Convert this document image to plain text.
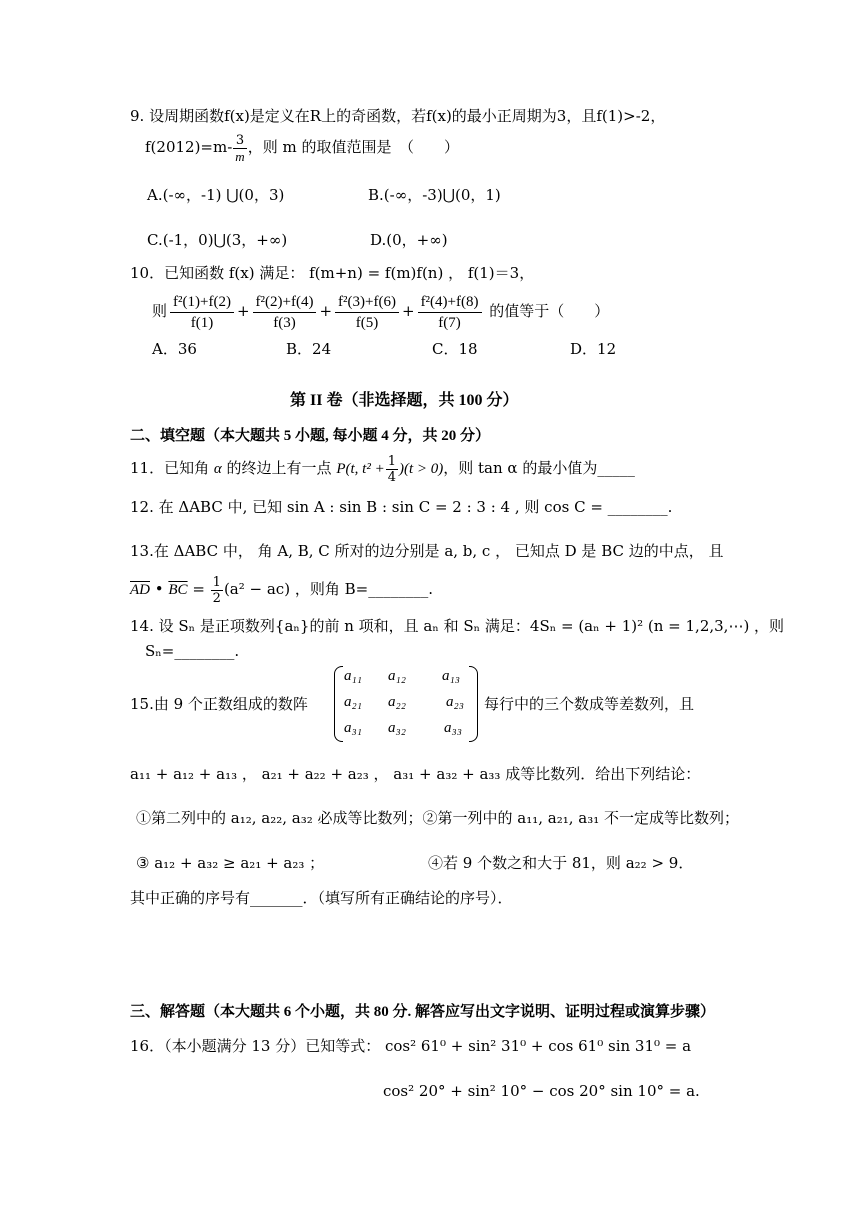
9. 设周期函数f(x)是定义在R上的奇函数，若f(x)的最小正周期为3，且f(1)>-2，
$f(2012)=m- \frac{3}{m}$ ，则 m 的取值范围是　（　　）
A.(-∞，-1) ⋃(0，3)	B.(-∞，-3)⋃(0，1)
C.(-1，0)⋃(3，+∞)	D.(0，+∞)
10．已知函数 f(x) 满足： f(m+n) = f(m)f(n) ， f(1)＝3，
则 $\frac{\text{f²(1)+f(2)}}{f(1)} + \frac{\text{f²(2)+f(4)}}{f(3)} + \frac{\text{f²(3)+f(6)}}{f(5)} + \frac{\text{f²(4)+f(8)}}{f(7)}$ 的值等于（　　）
A．36	B．24	C．18	D．12
第 II 卷（非选择题，共 100 分）
二、填空题（本大题共 5 小题, 每小题 4 分，共 20 分）
11．已知角 α 的终边上有一点 P(t, $t^2 + \frac{1}{4} )(t > 0)$，则 tan α 的最小值为_____
12. 在 ΔABC 中, 已知 sin A : sin B : sin C = 2 : 3 : 4 , 则 cos C = ________.
13.在 ΔABC 中， 角 A, B, C 所对的边分别是 a, b, c ， 已知点 D 是 BC 边的中点， 且
$\overline{AD}$ • $\overline{BC} = \frac{1}{2} (a^2 - ac)$ ，则角 B=________.
14. 设 Sₙ 是正项数列{aₙ}的前 n 项和，且 aₙ 和 Sₙ 满足：4Sₙ = (aₙ + 1)² (n = 1,2,3,⋯) ，则
Sₙ=________.
15.由 9 个正数组成的数阵
a₁₁ a₁₂ a₁₃
a₂₁ a₂₂	a₂₃
a₃₁ a₃₂	a₃₃
每行中的三个数成等差数列，且
a₁₁ + a₁₂ + a₁₃ ， a₂₁ + a₂₂ + a₂₃ ， a₃₁ + a₃₂ + a₃₃ 成等比数列．给出下列结论：
①第二列中的 a₁₂, a₂₂, a₃₂ 必成等比数列；②第一列中的 a₁₁, a₂₁, a₃₁ 不一定成等比数列；
③ a₁₂ + a₃₂ ≥ a₂₁ + a₂₃ ；	④若 9 个数之和大于 81，则 a₂₂ > 9．
其中正确的序号有_______．（填写所有正确结论的序号）．
三、解答题（本大题共 6 个小题，共 80 分. 解答应写出文字说明、证明过程或演算步骤）
16．（本小题满分 13 分）已知等式： cos² 61⁰ + sin² 31⁰ + cos 61⁰ sin 31⁰ = a
cos² 20° + sin² 10° − cos 20° sin 10° = a.
